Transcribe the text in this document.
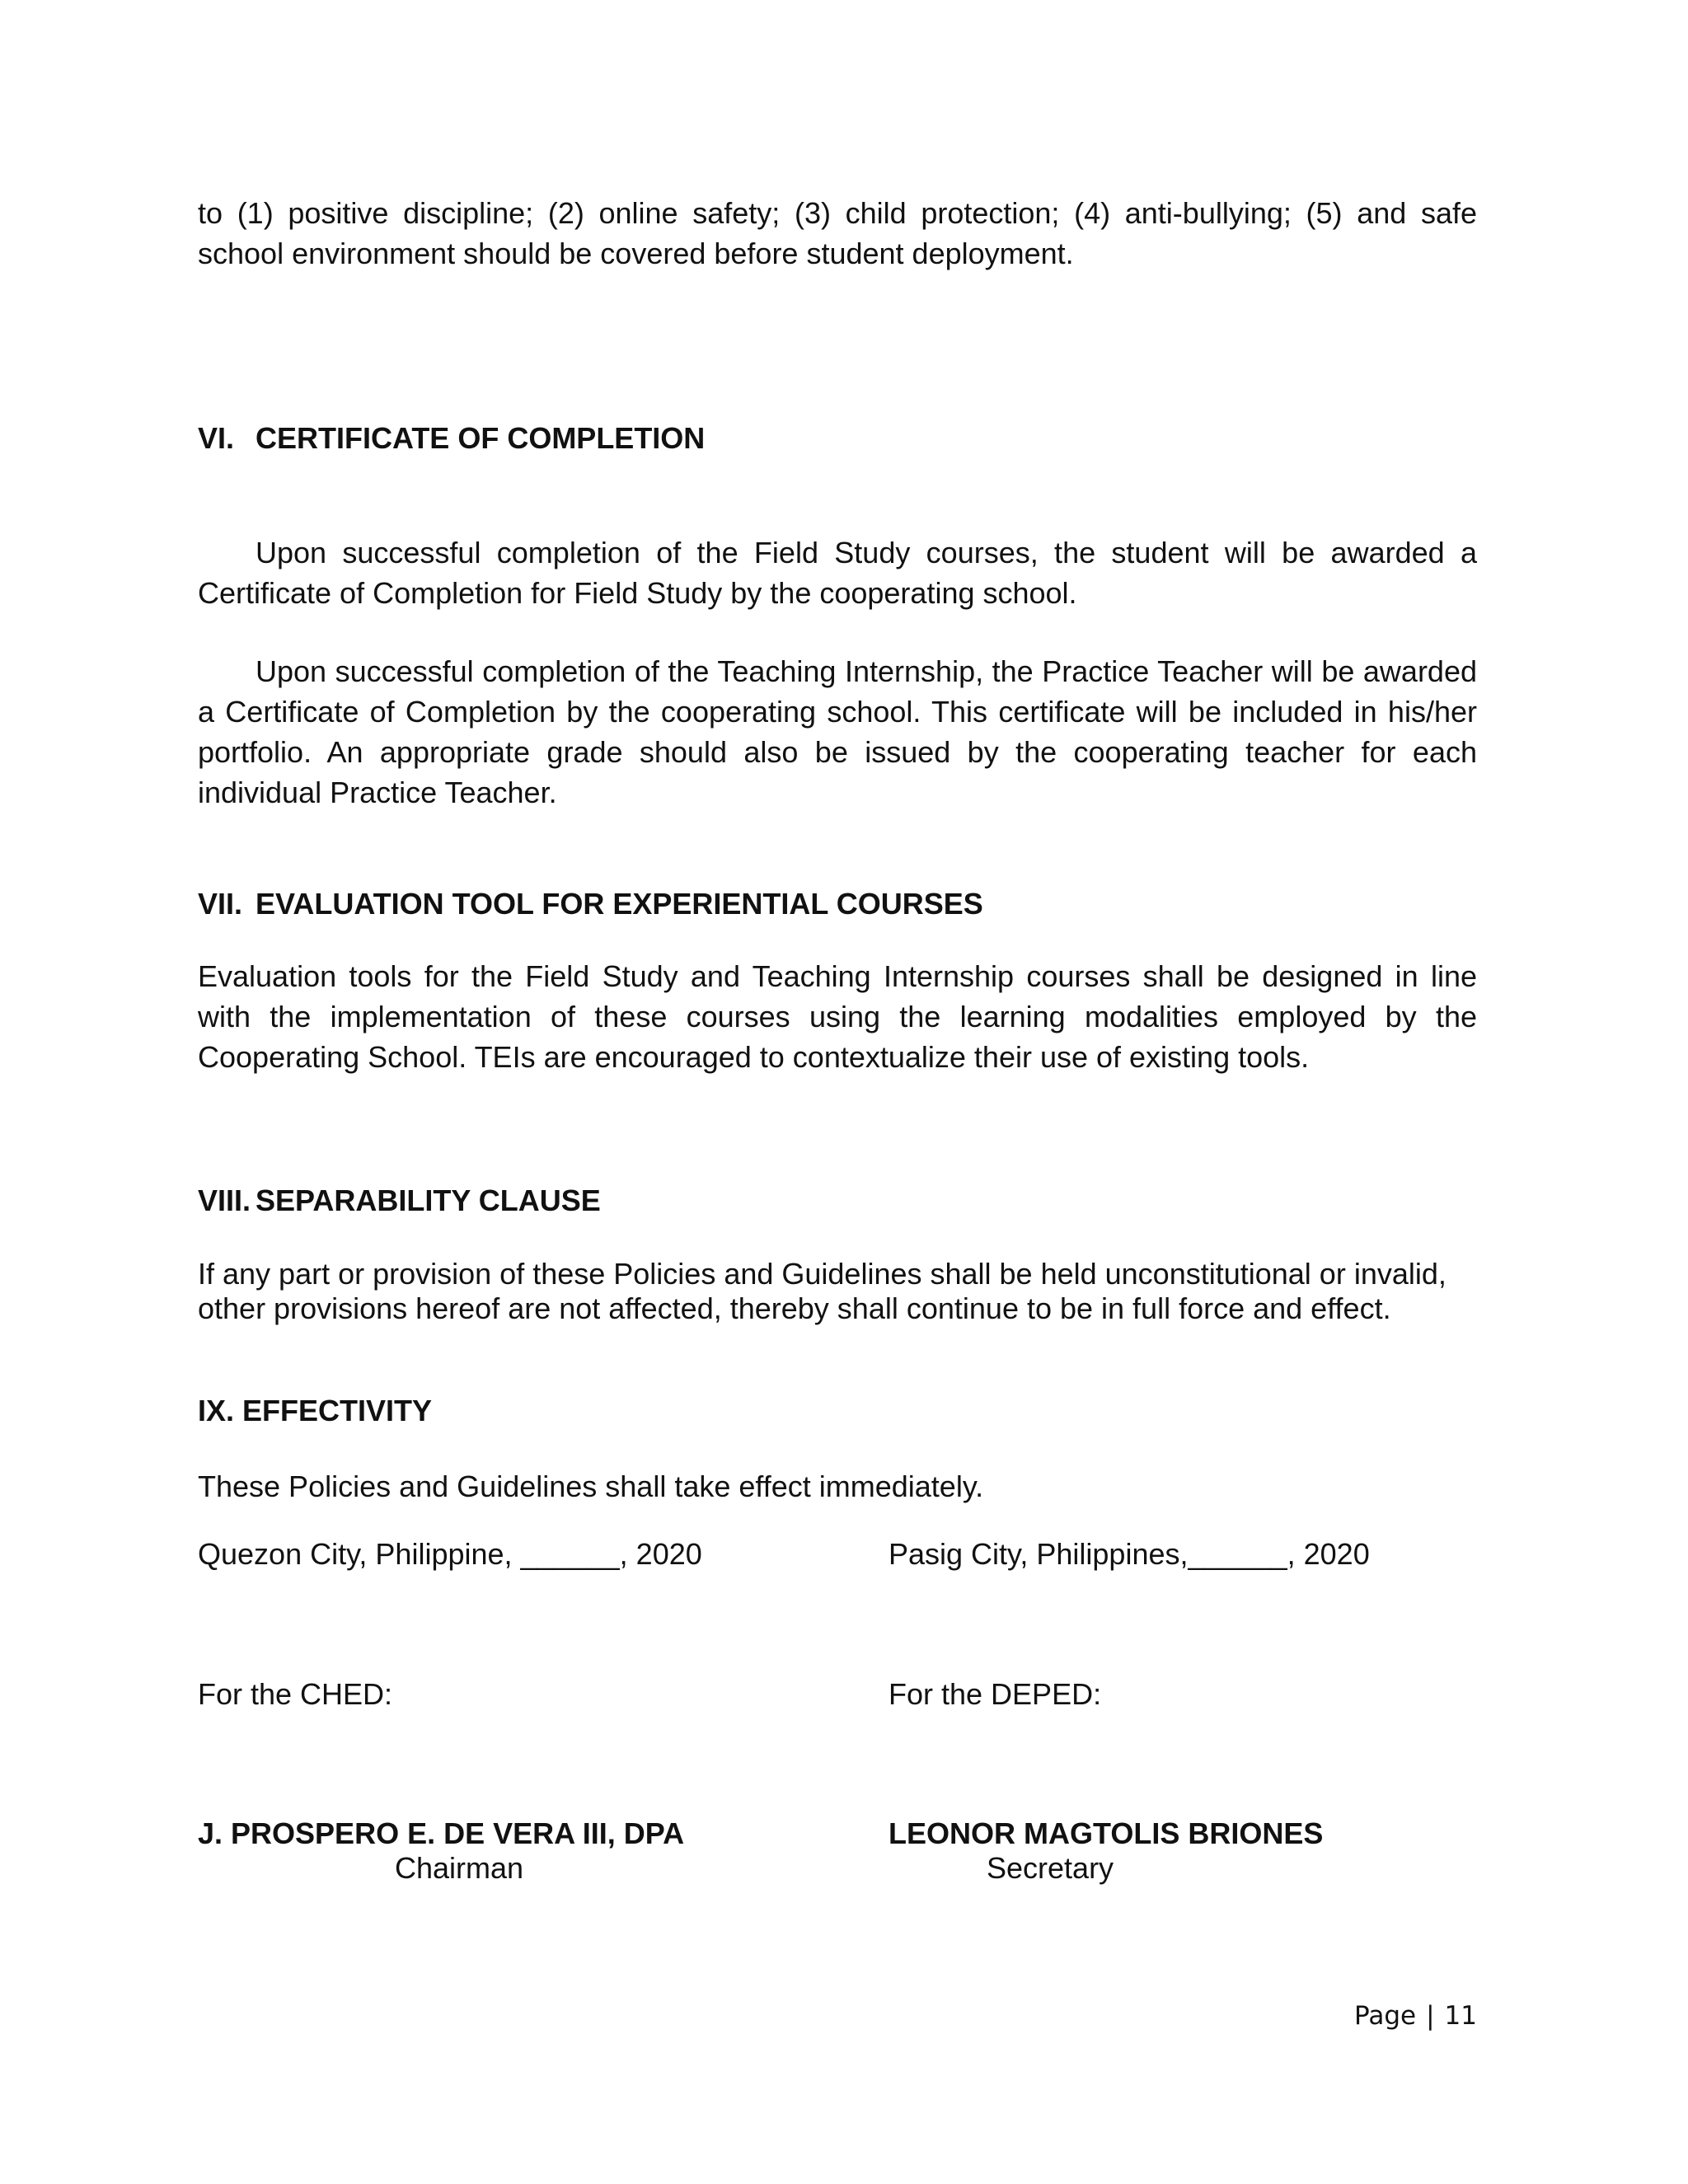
to (1) positive discipline; (2) online safety; (3) child protection; (4) anti-bullying; (5) and safe school environment should be covered before student deployment.

VI. CERTIFICATE OF COMPLETION

Upon successful completion of the Field Study courses, the student will be awarded a Certificate of Completion for Field Study by the cooperating school.

Upon successful completion of the Teaching Internship, the Practice Teacher will be awarded a Certificate of Completion by the cooperating school. This certificate will be included in his/her portfolio. An appropriate grade should also be issued by the cooperating teacher for each individual Practice Teacher.

VII. EVALUATION TOOL FOR EXPERIENTIAL COURSES

Evaluation tools for the Field Study and Teaching Internship courses shall be designed in line with the implementation of these courses using the learning modalities employed by the Cooperating School. TEIs are encouraged to contextualize their use of existing tools.

VIII. SEPARABILITY CLAUSE

If any part or provision of these Policies and Guidelines shall be held unconstitutional or invalid, other provisions hereof are not affected, thereby shall continue to be in full force and effect.

IX. EFFECTIVITY
These Policies and Guidelines shall take effect immediately.
Quezon City, Philippine, ______, 2020	Pasig City, Philippines,______, 2020
For the CHED:	For the DEPED:
J. PROSPERO E. DE VERA III, DPA
Chairman
LEONOR MAGTOLIS BRIONES
Secretary
Page | 11
